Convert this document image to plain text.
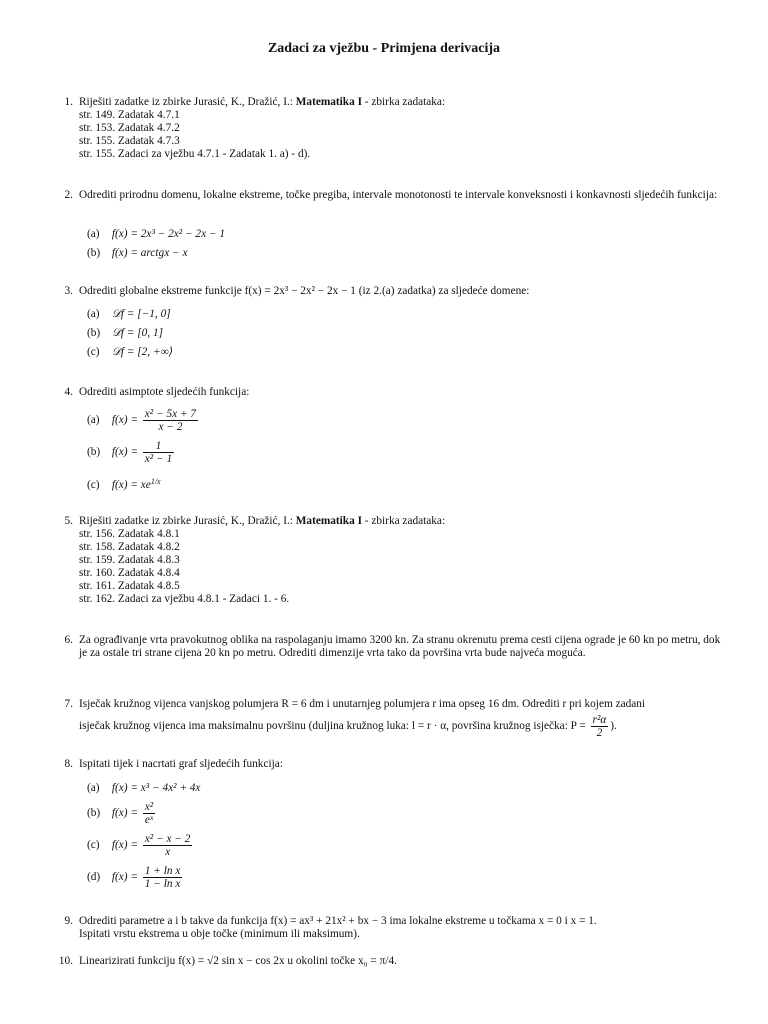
Zadaci za vježbu - Primjena derivacija
1. Riješiti zadatke iz zbirke Jurasić, K., Dražić, I.: Matematika I - zbirka zadataka:
str. 149. Zadatak 4.7.1
str. 153. Zadatak 4.7.2
str. 155. Zadatak 4.7.3
str. 155. Zadaci za vježbu 4.7.1 - Zadatak 1. a) - d).
2. Odrediti prirodnu domenu, lokalne ekstreme, točke pregiba, intervale monotonosti te intervale konveksnosti i konkavnosti sljedećih funkcija:
(a) f(x) = 2x³ − 2x² − 2x − 1
(b) f(x) = arctgx − x
3. Odrediti globalne ekstreme funkcije f(x) = 2x³ − 2x² − 2x − 1 (iz 2.(a) zadatka) za sljedeće domene:
(a) 𝒟f = [−1, 0]
(b) 𝒟f = [0, 1]
(c) 𝒟f = [2, +∞⟩
4. Odrediti asimptote sljedećih funkcija:
(a) $f(x) = \frac{\text{x² − 5x + 7}}{x - 2}$
(b) $f(x) = \frac{1}{\text{x² − 1}}$
(c) $f(x) = xe^{1/x}$
5. Riješiti zadatke iz zbirke Jurasić, K., Dražić, I.: Matematika I - zbirka zadataka:
str. 156. Zadatak 4.8.1
str. 158. Zadatak 4.8.2
str. 159. Zadatak 4.8.3
str. 160. Zadatak 4.8.4
str. 161. Zadatak 4.8.5
str. 162. Zadaci za vježbu 4.8.1 - Zadaci 1. - 6.
6. Za ograđivanje vrta pravokutnog oblika na raspolaganju imamo 3200 kn. Za stranu okrenutu prema cesti cijena ograde je 60 kn po metru, dok je za ostale tri strane cijena 20 kn po metru. Odrediti dimenzije vrta tako da površina vrta bude najveća moguća.
7. Isječak kružnog vijenca vanjskog polumjera R = 6 dm i unutarnjeg polumjera r ima opseg 16 dm. Odrediti r pri kojem zadani
isječak kružnog vijenca ima maksimalnu površinu (duljina kružnog luka: l = r · α, površina kružnog isječka: $P = \frac{\text{r²α}}{2}$ ).
8. Ispitati tijek i nacrtati graf sljedećih funkcija:
(a) f(x) = x³ − 4x² + 4x
(b) $f(x) = \frac{\text{x²}}{\text{eˣ}}$
(c) $f(x) = \frac{\text{x² − x − 2}}{x}$
(d) $f(x) = \frac{\text{1 + ln x}}{\text{1 − ln x}}$
9. Odrediti parametre a i b takve da funkcija f(x) = ax³ + 21x² + bx − 3 ima lokalne ekstreme u točkama x = 0 i x = 1.
Ispitati vrstu ekstrema u obje točke (minimum ili maksimum).
10. Linearizirati funkciju f(x) = √2 sin x − cos 2x u okolini točke x₀ = π/4.
